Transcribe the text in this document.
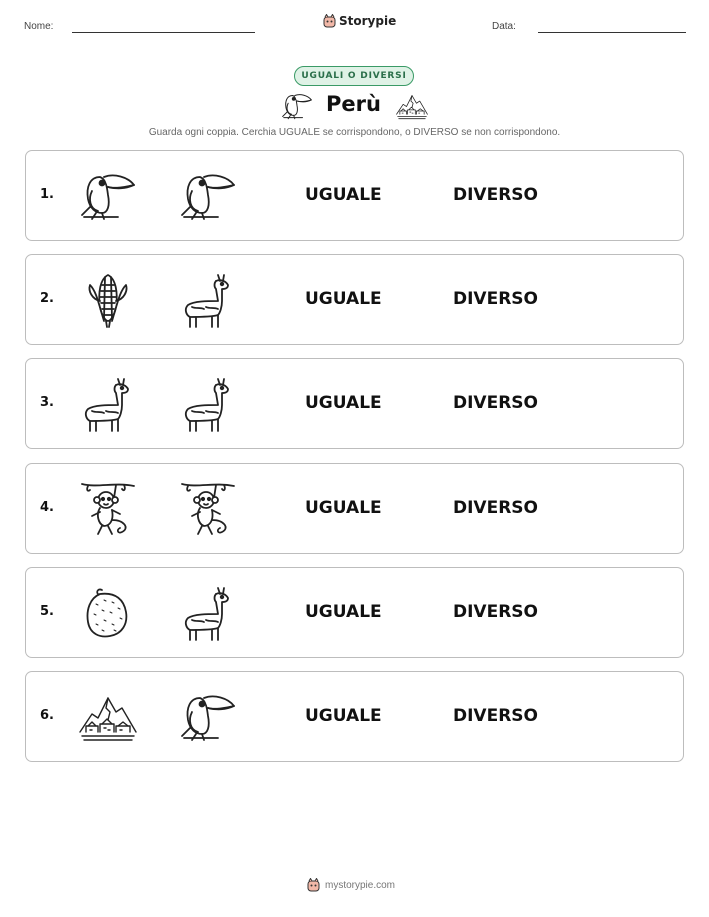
Nome:	Storypie	Data:
UGUALI O DIVERSI
Perù
Guarda ogni coppia. Cerchia UGUALE se corrispondono, o DIVERSO se non corrispondono.
1.	UGUALE	DIVERSO
2.	UGUALE	DIVERSO
3.	UGUALE	DIVERSO
4.	UGUALE	DIVERSO
5.	UGUALE	DIVERSO
6.	UGUALE	DIVERSO
mystorypie.com
